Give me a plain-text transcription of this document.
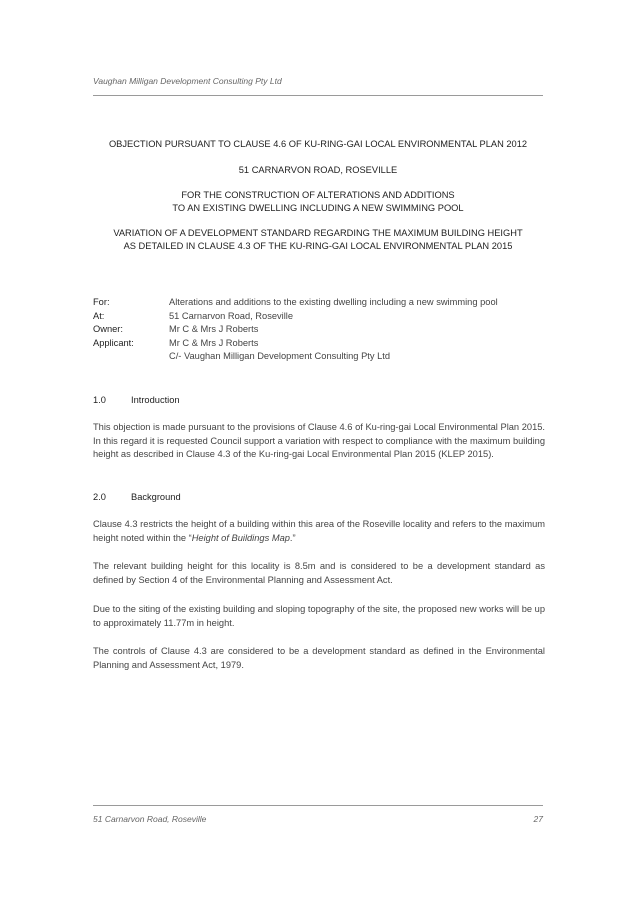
Vaughan Milligan Development Consulting Pty Ltd
OBJECTION PURSUANT TO CLAUSE 4.6 OF KU-RING-GAI LOCAL ENVIRONMENTAL PLAN 2012
51 CARNARVON ROAD, ROSEVILLE
FOR THE CONSTRUCTION OF ALTERATIONS AND ADDITIONS
TO AN EXISTING DWELLING INCLUDING A NEW SWIMMING POOL
VARIATION OF A DEVELOPMENT STANDARD REGARDING THE MAXIMUM BUILDING HEIGHT
AS DETAILED IN CLAUSE 4.3 OF THE KU-RING-GAI LOCAL ENVIRONMENTAL PLAN 2015
For:	Alterations and additions to the existing dwelling including a new swimming pool
At:	51 Carnarvon Road, Roseville
Owner:	Mr C & Mrs J Roberts
Applicant:	Mr C & Mrs J Roberts
C/- Vaughan Milligan Development Consulting Pty Ltd
1.0	Introduction
This objection is made pursuant to the provisions of Clause 4.6 of Ku-ring-gai Local Environmental Plan 2015. In this regard it is requested Council support a variation with respect to compliance with the maximum building height as described in Clause 4.3 of the Ku-ring-gai Local Environmental Plan 2015 (KLEP 2015).
2.0	Background
Clause 4.3 restricts the height of a building within this area of the Roseville locality and refers to the maximum height noted within the “Height of Buildings Map.”
The relevant building height for this locality is 8.5m and is considered to be a development standard as defined by Section 4 of the Environmental Planning and Assessment Act.
Due to the siting of the existing building and sloping topography of the site, the proposed new works will be up to approximately 11.77m in height.
The controls of Clause 4.3 are considered to be a development standard as defined in the Environmental Planning and Assessment Act, 1979.
51 Carnarvon Road, Roseville	27
